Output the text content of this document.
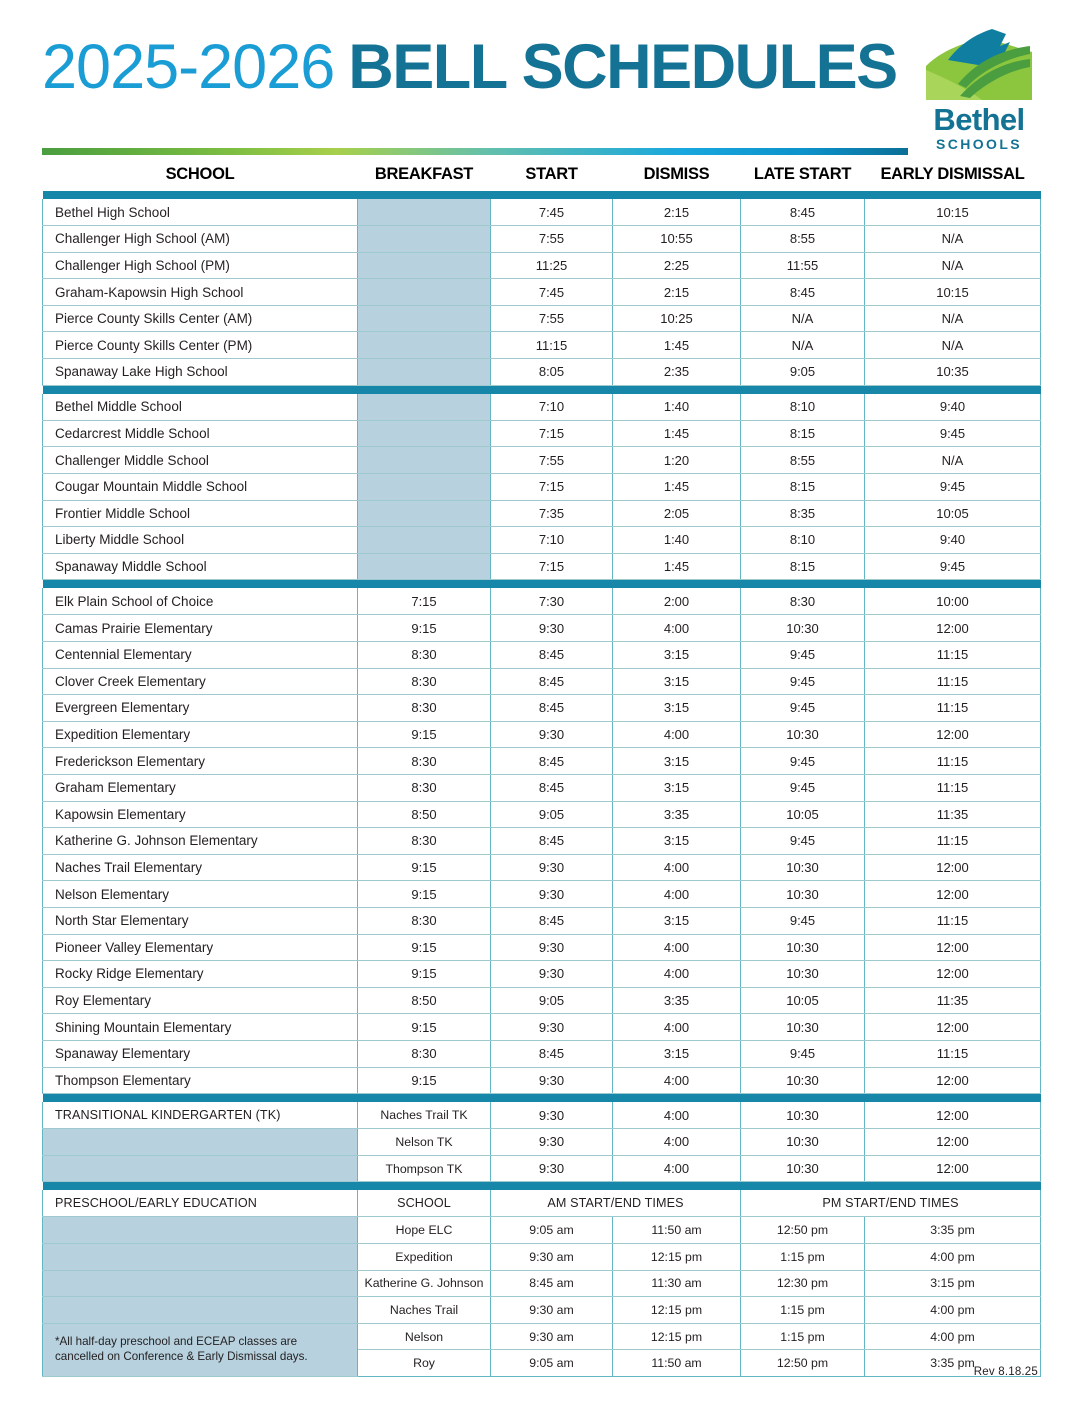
2025-2026 BELL SCHEDULES
Bethel
SCHOOLS
SCHOOL	BREAKFAST	START	DISMISS	LATE START	EARLY DISMISSAL

Bethel High School		7:45	2:15	8:45	10:15
Challenger High School (AM)		7:55	10:55	8:55	N/A
Challenger High School (PM)		11:25	2:25	11:55	N/A
Graham-Kapowsin High School		7:45	2:15	8:45	10:15
Pierce County Skills Center (AM)		7:55	10:25	N/A	N/A
Pierce County Skills Center (PM)		11:15	1:45	N/A	N/A
Spanaway Lake High School		8:05	2:35	9:05	10:35

Bethel Middle School		7:10	1:40	8:10	9:40
Cedarcrest Middle School		7:15	1:45	8:15	9:45
Challenger Middle School		7:55	1:20	8:55	N/A
Cougar Mountain Middle School		7:15	1:45	8:15	9:45
Frontier Middle School		7:35	2:05	8:35	10:05
Liberty Middle School		7:10	1:40	8:10	9:40
Spanaway Middle School		7:15	1:45	8:15	9:45

Elk Plain School of Choice	7:15	7:30	2:00	8:30	10:00
Camas Prairie Elementary	9:15	9:30	4:00	10:30	12:00
Centennial Elementary	8:30	8:45	3:15	9:45	11:15
Clover Creek Elementary	8:30	8:45	3:15	9:45	11:15
Evergreen Elementary	8:30	8:45	3:15	9:45	11:15
Expedition Elementary	9:15	9:30	4:00	10:30	12:00
Frederickson Elementary	8:30	8:45	3:15	9:45	11:15
Graham Elementary	8:30	8:45	3:15	9:45	11:15
Kapowsin Elementary	8:50	9:05	3:35	10:05	11:35
Katherine G. Johnson Elementary	8:30	8:45	3:15	9:45	11:15
Naches Trail Elementary	9:15	9:30	4:00	10:30	12:00
Nelson Elementary	9:15	9:30	4:00	10:30	12:00
North Star Elementary	8:30	8:45	3:15	9:45	11:15
Pioneer Valley Elementary	9:15	9:30	4:00	10:30	12:00
Rocky Ridge Elementary	9:15	9:30	4:00	10:30	12:00
Roy Elementary	8:50	9:05	3:35	10:05	11:35
Shining Mountain Elementary	9:15	9:30	4:00	10:30	12:00
Spanaway Elementary	8:30	8:45	3:15	9:45	11:15
Thompson Elementary	9:15	9:30	4:00	10:30	12:00

TRANSITIONAL KINDERGARTEN (TK)	Naches Trail TK	9:30	4:00	10:30	12:00
	Nelson TK	9:30	4:00	10:30	12:00
	Thompson TK	9:30	4:00	10:30	12:00

PRESCHOOL/EARLY EDUCATION	SCHOOL	AM START/END TIMES		PM START/END TIMES	
	Hope ELC	9:05 am	11:50 am	12:50 pm	3:35 pm
	Expedition	9:30 am	12:15 pm	1:15 pm	4:00 pm
	Katherine G. Johnson	8:45 am	11:30 am	12:30 pm	3:15 pm
	Naches Trail	9:30 am	12:15 pm	1:15 pm	4:00 pm
*All half-day preschool and ECEAP classes are cancelled on Conference & Early Dismissal days.	Nelson	9:30 am	12:15 pm	1:15 pm	4:00 pm
	Roy	9:05 am	11:50 am	12:50 pm	3:35 pm
Rev 8.18.25
